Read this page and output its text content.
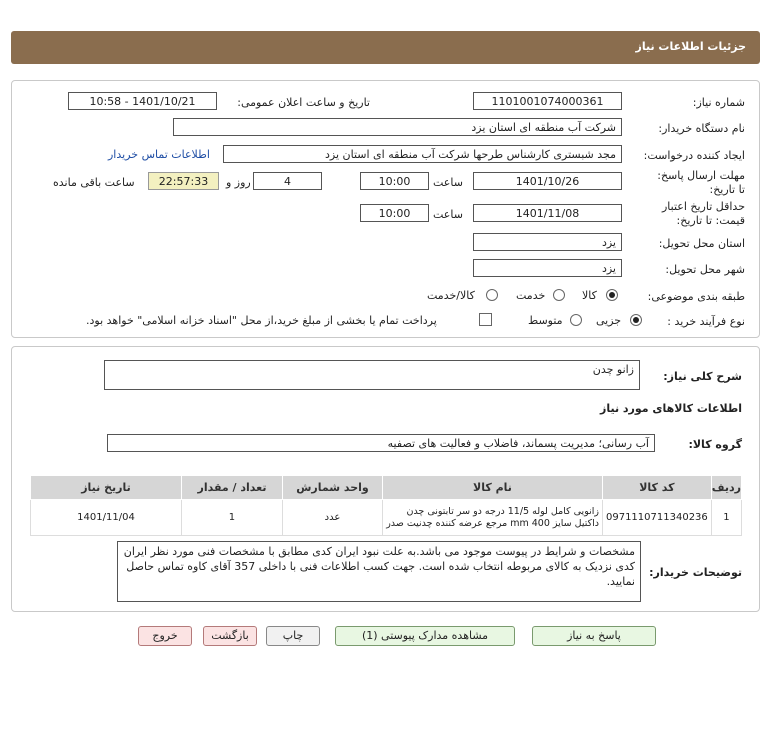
جزئیات اطلاعات نیاز
شماره نیاز:
1101001074000361
تاریخ و ساعت اعلان عمومی:
1401/10/21 - 10:58
نام دستگاه خریدار:
شرکت آب منطقه ای استان یزد
ایجاد کننده درخواست:
مجد شبستری کارشناس طرحها شرکت آب منطقه ای استان یزد
اطلاعات تماس خریدار
مهلت ارسال پاسخ: تا تاریخ:
1401/10/26
ساعت
10:00
4
روز و
22:57:33
ساعت باقی مانده
حداقل تاریخ اعتبار قیمت: تا تاریخ:
1401/11/08
ساعت
10:00
استان محل تحویل:
یزد
شهر محل تحویل:
یزد
طبقه بندی موضوعی:
کالا
خدمت
کالا/خدمت
نوع فرآیند خرید :
جزیی
متوسط
پرداخت تمام یا بخشی از مبلغ خرید،از محل "اسناد خزانه اسلامی" خواهد بود.
شرح کلی نیاز:
زانو چدن
اطلاعات کالاهای مورد نیاز
گروه کالا:
آب رسانی؛ مدیریت پسماند، فاضلاب و فعالیت های تصفیه
ردیف	کد کالا	نام کالا	واحد شمارش	تعداد / مقدار	تاریخ نیاز
1	0971110711340236	زانویی کامل لوله 11/5 درجه دو سر تابتونی چدن داکتیل سایز 400 mm مرجع عرضه کننده چدنیت صدر	عدد	1	1401/11/04
توضیحات خریدار:
مشخصات و شرایط در پیوست موجود می باشد.به علت نبود ایران کدی مطابق با مشخصات فنی مورد نظر ایران کدی نزدیک به کالای مربوطه انتخاب شده است. جهت کسب اطلاعات فنی با داخلی 357 آقای کاوه تماس حاصل نمایید.
پاسخ به نیاز
مشاهده مدارک پیوستی (1)
چاپ
بازگشت
خروج
